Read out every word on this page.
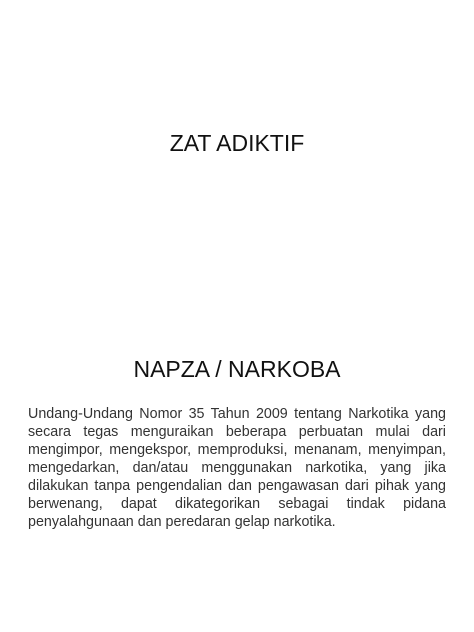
ZAT ADIKTIF
NAPZA / NARKOBA

Undang-Undang Nomor 35 Tahun 2009 tentang Narkotika yang secara tegas menguraikan beberapa perbuatan mulai dari mengimpor, mengekspor, memproduksi, menanam, menyimpan, mengedarkan, dan/atau menggunakan narkotika, yang jika dilakukan tanpa pengendalian dan pengawasan dari pihak yang berwenang, dapat dikategorikan sebagai tindak pidana penyalahgunaan dan peredaran gelap narkotika.
